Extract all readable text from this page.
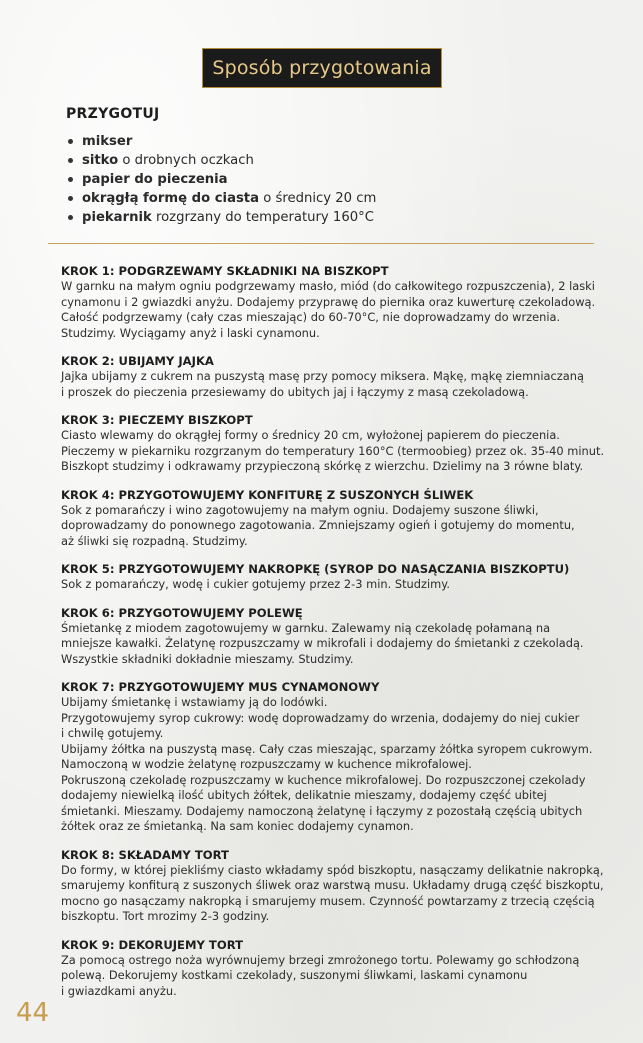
Sposób przygotowania
PRZYGOTUJ
mikser
sitko o drobnych oczkach
papier do pieczenia
okrągłą formę do ciasta o średnicy 20 cm
piekarnik rozgrzany do temperatury 160°C
KROK 1: PODGRZEWAMY SKŁADNIKI NA BISZKOPT
W garnku na małym ogniu podgrzewamy masło, miód (do całkowitego rozpuszczenia), 2 laski
cynamonu i 2 gwiazdki anyżu. Dodajemy przyprawę do piernika oraz kuwerturę czekoladową.
Całość podgrzewamy (cały czas mieszając) do 60-70°C, nie doprowadzamy do wrzenia.
Studzimy. Wyciągamy anyż i laski cynamonu.
KROK 2: UBIJAMY JAJKA
Jajka ubijamy z cukrem na puszystą masę przy pomocy miksera. Mąkę, mąkę ziemniaczaną
i proszek do pieczenia przesiewamy do ubitych jaj i łączymy z masą czekoladową.
KROK 3: PIECZEMY BISZKOPT
Ciasto wlewamy do okrągłej formy o średnicy 20 cm, wyłożonej papierem do pieczenia.
Pieczemy w piekarniku rozgrzanym do temperatury 160°C (termoobieg) przez ok. 35-40 minut.
Biszkopt studzimy i odkrawamy przypieczoną skórkę z wierzchu. Dzielimy na 3 równe blaty.
KROK 4: PRZYGOTOWUJEMY KONFITURĘ Z SUSZONYCH ŚLIWEK
Sok z pomarańczy i wino zagotowujemy na małym ogniu. Dodajemy suszone śliwki,
doprowadzamy do ponownego zagotowania. Zmniejszamy ogień i gotujemy do momentu,
aż śliwki się rozpadną. Studzimy.
KROK 5: PRZYGOTOWUJEMY NAKROPKĘ (SYROP DO NASĄCZANIA BISZKOPTU)
Sok z pomarańczy, wodę i cukier gotujemy przez 2-3 min. Studzimy.
KROK 6: PRZYGOTOWUJEMY POLEWĘ
Śmietankę z miodem zagotowujemy w garnku. Zalewamy nią czekoladę połamaną na
mniejsze kawałki. Żelatynę rozpuszczamy w mikrofali i dodajemy do śmietanki z czekoladą.
Wszystkie składniki dokładnie mieszamy. Studzimy.
KROK 7: PRZYGOTOWUJEMY MUS CYNAMONOWY
Ubijamy śmietankę i wstawiamy ją do lodówki.
Przygotowujemy syrop cukrowy: wodę doprowadzamy do wrzenia, dodajemy do niej cukier
i chwilę gotujemy.
Ubijamy żółtka na puszystą masę. Cały czas mieszając, sparzamy żółtka syropem cukrowym.
Namoczoną w wodzie żelatynę rozpuszczamy w kuchence mikrofalowej.
Pokruszoną czekoladę rozpuszczamy w kuchence mikrofalowej. Do rozpuszczonej czekolady
dodajemy niewielką ilość ubitych żółtek, delikatnie mieszamy, dodajemy część ubitej
śmietanki. Mieszamy. Dodajemy namoczoną żelatynę i łączymy z pozostałą częścią ubitych
żółtek oraz ze śmietanką. Na sam koniec dodajemy cynamon.
KROK 8: SKŁADAMY TORT
Do formy, w której piekliśmy ciasto wkładamy spód biszkoptu, nasączamy delikatnie nakropką,
smarujemy konfiturą z suszonych śliwek oraz warstwą musu. Układamy drugą część biszkoptu,
mocno go nasączamy nakropką i smarujemy musem. Czynność powtarzamy z trzecią częścią
biszkoptu. Tort mrozimy 2-3 godziny.
KROK 9: DEKORUJEMY TORT
Za pomocą ostrego noża wyrównujemy brzegi zmrożonego tortu. Polewamy go schłodzoną
polewą. Dekorujemy kostkami czekolady, suszonymi śliwkami, laskami cynamonu
i gwiazdkami anyżu.
44
